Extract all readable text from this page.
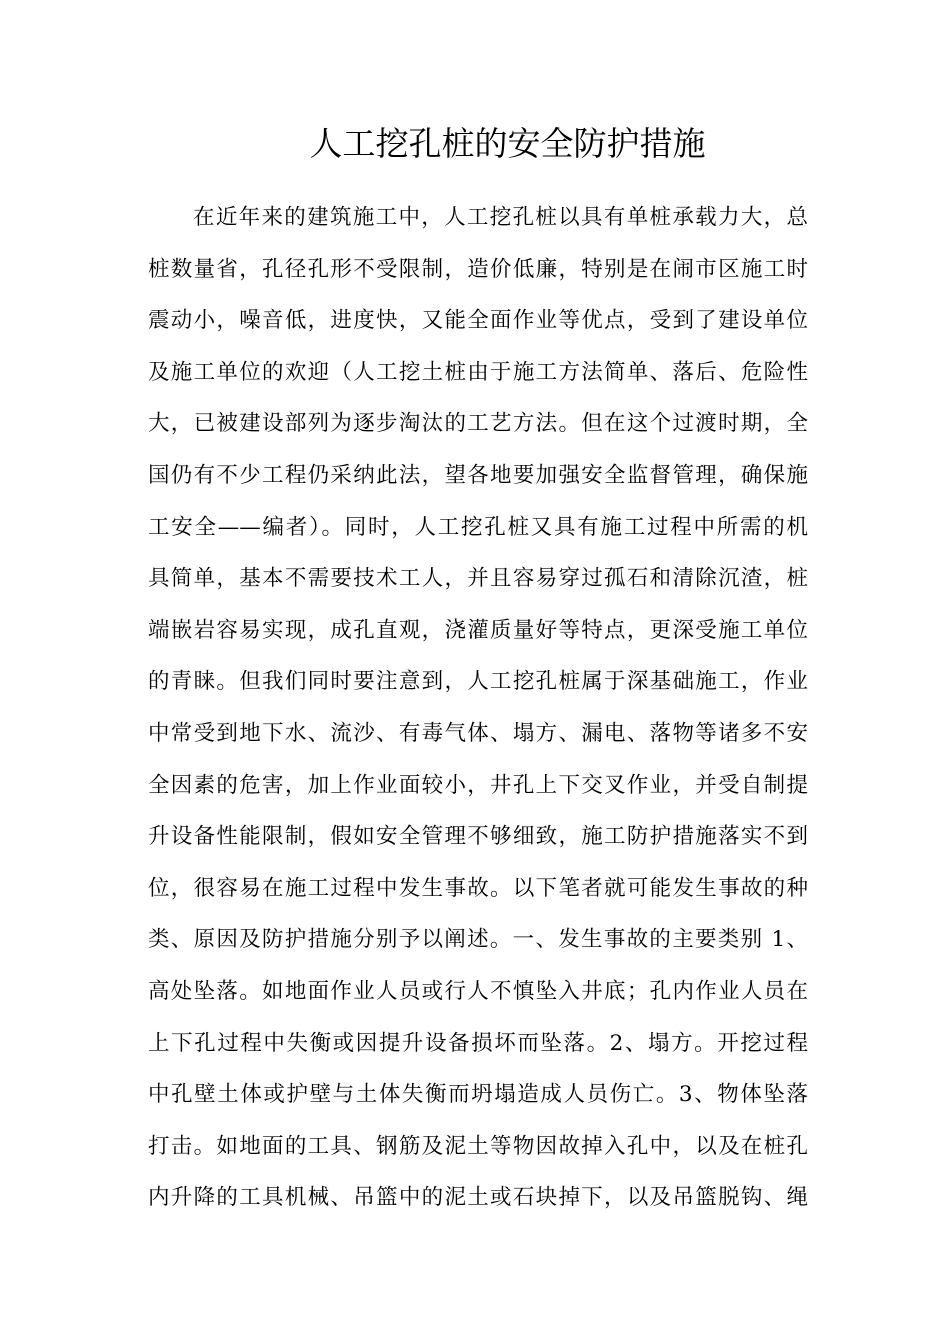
人工挖孔桩的安全防护措施
在近年来的建筑施工中，人工挖孔桩以具有单桩承载力大，总
桩数量省，孔径孔形不受限制，造价低廉，特别是在闹市区施工时
震动小，噪音低，进度快，又能全面作业等优点，受到了建设单位
及施工单位的欢迎（人工挖土桩由于施工方法简单、落后、危险性
大，已被建设部列为逐步淘汰的工艺方法。但在这个过渡时期，全
国仍有不少工程仍采纳此法，望各地要加强安全监督管理，确保施
工安全——编者）。同时，人工挖孔桩又具有施工过程中所需的机
具简单，基本不需要技术工人，并且容易穿过孤石和清除沉渣，桩
端嵌岩容易实现，成孔直观，浇灌质量好等特点，更深受施工单位
的青睐。但我们同时要注意到，人工挖孔桩属于深基础施工，作业
中常受到地下水、流沙、有毒气体、塌方、漏电、落物等诸多不安
全因素的危害，加上作业面较小，井孔上下交叉作业，并受自制提
升设备性能限制，假如安全管理不够细致，施工防护措施落实不到
位，很容易在施工过程中发生事故。以下笔者就可能发生事故的种
类、原因及防护措施分别予以阐述。一、发生事故的主要类别 1、
高处坠落。如地面作业人员或行人不慎坠入井底；孔内作业人员在
上下孔过程中失衡或因提升设备损坏而坠落。2、塌方。开挖过程
中孔壁土体或护壁与土体失衡而坍塌造成人员伤亡。3、物体坠落
打击。如地面的工具、钢筋及泥土等物因故掉入孔中，以及在桩孔
内升降的工具机械、吊篮中的泥土或石块掉下，以及吊篮脱钩、绳
